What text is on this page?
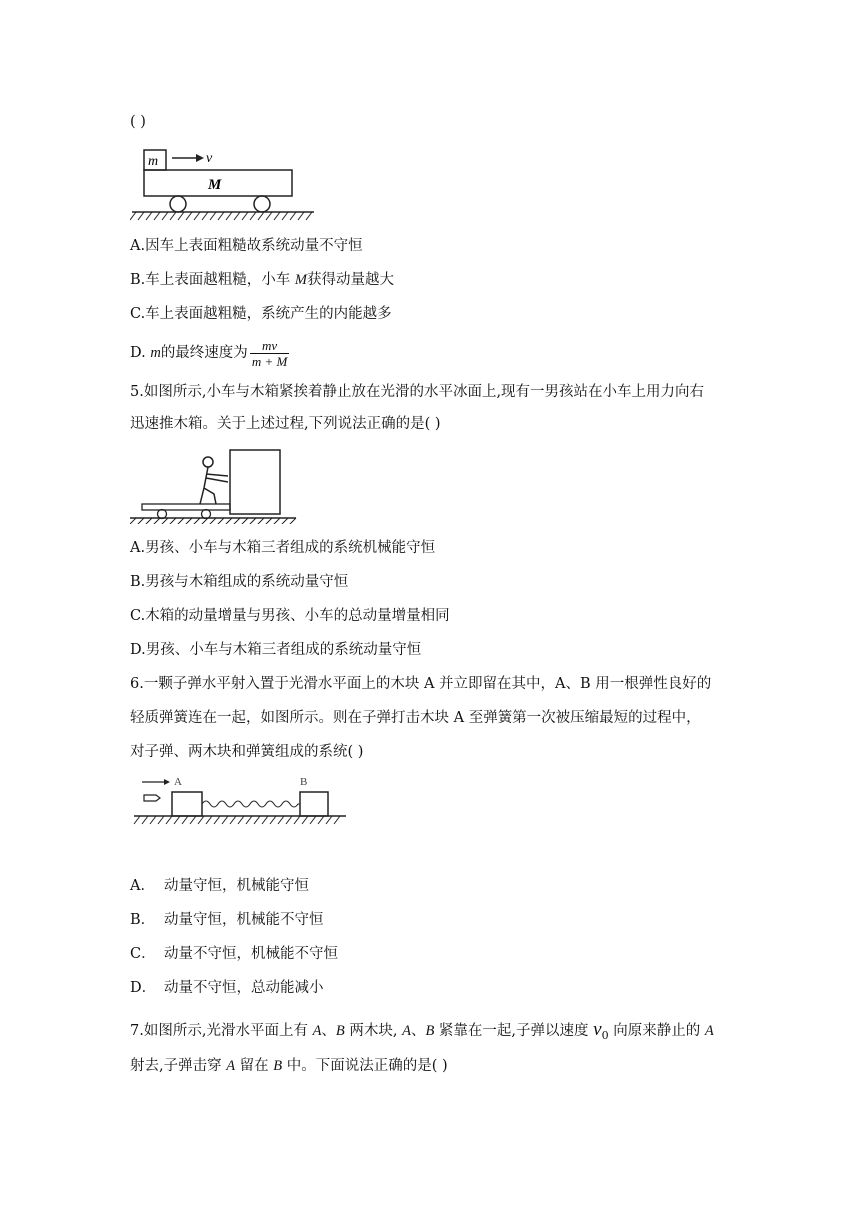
( )
m	v
M
A.因车上表面粗糙故系统动量不守恒
B.车上表面越粗糙，小车 M获得动量越大
C.车上表面越粗糙，系统产生的内能越多
D. m的最终速度为 $\frac{mv}{m + M}$
5.如图所示,小车与木箱紧挨着静止放在光滑的水平冰面上,现有一男孩站在小车上用力向右
迅速推木箱。关于上述过程,下列说法正确的是( )
A.男孩、小车与木箱三者组成的系统机械能守恒
B.男孩与木箱组成的系统动量守恒
C.木箱的动量增量与男孩、小车的总动量增量相同
D.男孩、小车与木箱三者组成的系统动量守恒
6.一颗子弹水平射入置于光滑水平面上的木块 A 并立即留在其中，A、B 用一根弹性良好的
轻质弹簧连在一起，如图所示。则在子弹打击木块 A 至弹簧第一次被压缩最短的过程中，
对子弹、两木块和弹簧组成的系统( )
A	B
A． 动量守恒，机械能守恒
B． 动量守恒，机械能不守恒
C． 动量不守恒，机械能不守恒
D． 动量不守恒，总动能减小
7.如图所示,光滑水平面上有 A、B 两木块, A、B 紧靠在一起,子弹以速度 $v_0$ 向原来静止的 A
射去,子弹击穿 A 留在 B 中。下面说法正确的是( )
